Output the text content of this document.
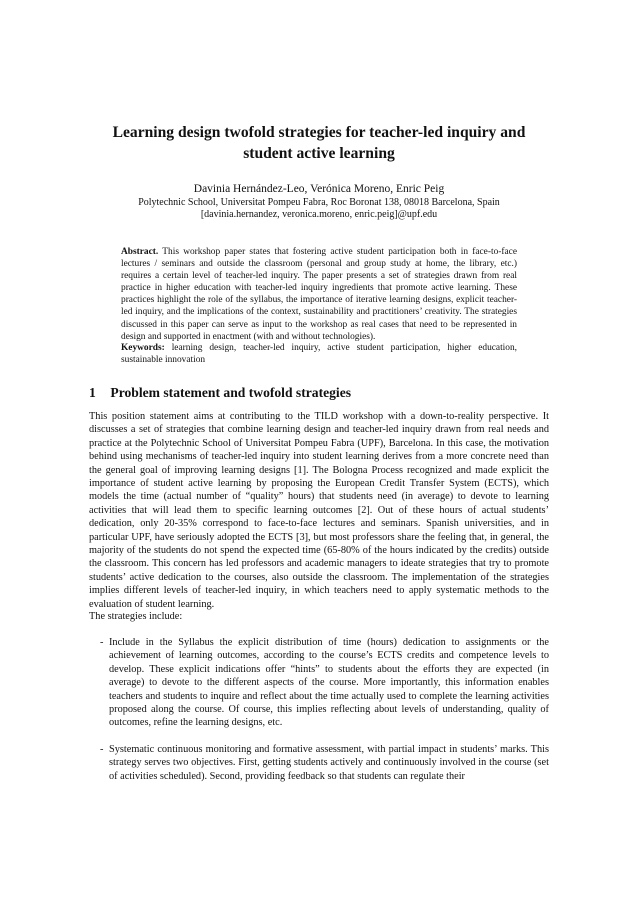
Learning design twofold strategies for teacher-led inquiry and student active learning
Davinia Hernández-Leo, Verónica Moreno, Enric Peig
Polytechnic School, Universitat Pompeu Fabra, Roc Boronat 138, 08018 Barcelona, Spain
[davinia.hernandez, veronica.moreno, enric.peig]@upf.edu
Abstract. This workshop paper states that fostering active student participation both in face-to-face lectures / seminars and outside the classroom (personal and group study at home, the library, etc.) requires a certain level of teacher-led inquiry. The paper presents a set of strategies drawn from real practice in higher education with teacher-led inquiry ingredients that promote active learning. These practices highlight the role of the syllabus, the importance of iterative learning designs, explicit teacher-led inquiry, and the implications of the context, sustainability and practitioners’ creativity. The strategies discussed in this paper can serve as input to the workshop as real cases that need to be represented in design and supported in enactment (with and without technologies).
Keywords: learning design, teacher-led inquiry, active student participation, higher education, sustainable innovation
1 Problem statement and twofold strategies
This position statement aims at contributing to the TILD workshop with a down-to-reality perspective. It discusses a set of strategies that combine learning design and teacher-led inquiry drawn from real needs and practice at the Polytechnic School of Universitat Pompeu Fabra (UPF), Barcelona. In this case, the motivation behind using mechanisms of teacher-led inquiry into student learning derives from a more concrete need than the general goal of improving learning designs [1]. The Bologna Process recognized and made explicit the importance of student active learning by proposing the European Credit Transfer System (ECTS), which models the time (actual number of “quality” hours) that students need (in average) to devote to learning activities that will lead them to specific learning outcomes [2]. Out of these hours of actual students’ dedication, only 20-35% correspond to face-to-face lectures and seminars. Spanish universities, and in particular UPF, have seriously adopted the ECTS [3], but most professors share the feeling that, in general, the majority of the students do not spend the expected time (65-80% of the hours indicated by the credits) outside the classroom. This concern has led professors and academic managers to ideate strategies that try to promote students’ active dedication to the courses, also outside the classroom. The implementation of the strategies implies different levels of teacher-led inquiry, in which teachers need to apply systematic methods to the evaluation of student learning.
The strategies include:
- Include in the Syllabus the explicit distribution of time (hours) dedication to assignments or the achievement of learning outcomes, according to the course’s ECTS credits and competence levels to develop. These explicit indications offer “hints” to students about the efforts they are expected (in average) to devote to the different aspects of the course. More importantly, this information enables teachers and students to inquire and reflect about the time actually used to complete the learning activities proposed along the course. Of course, this implies reflecting about levels of understanding, quality of outcomes, refine the learning designs, etc.
- Systematic continuous monitoring and formative assessment, with partial impact in students’ marks. This strategy serves two objectives. First, getting students actively and continuously involved in the course (set of activities scheduled). Second, providing feedback so that students can regulate their
